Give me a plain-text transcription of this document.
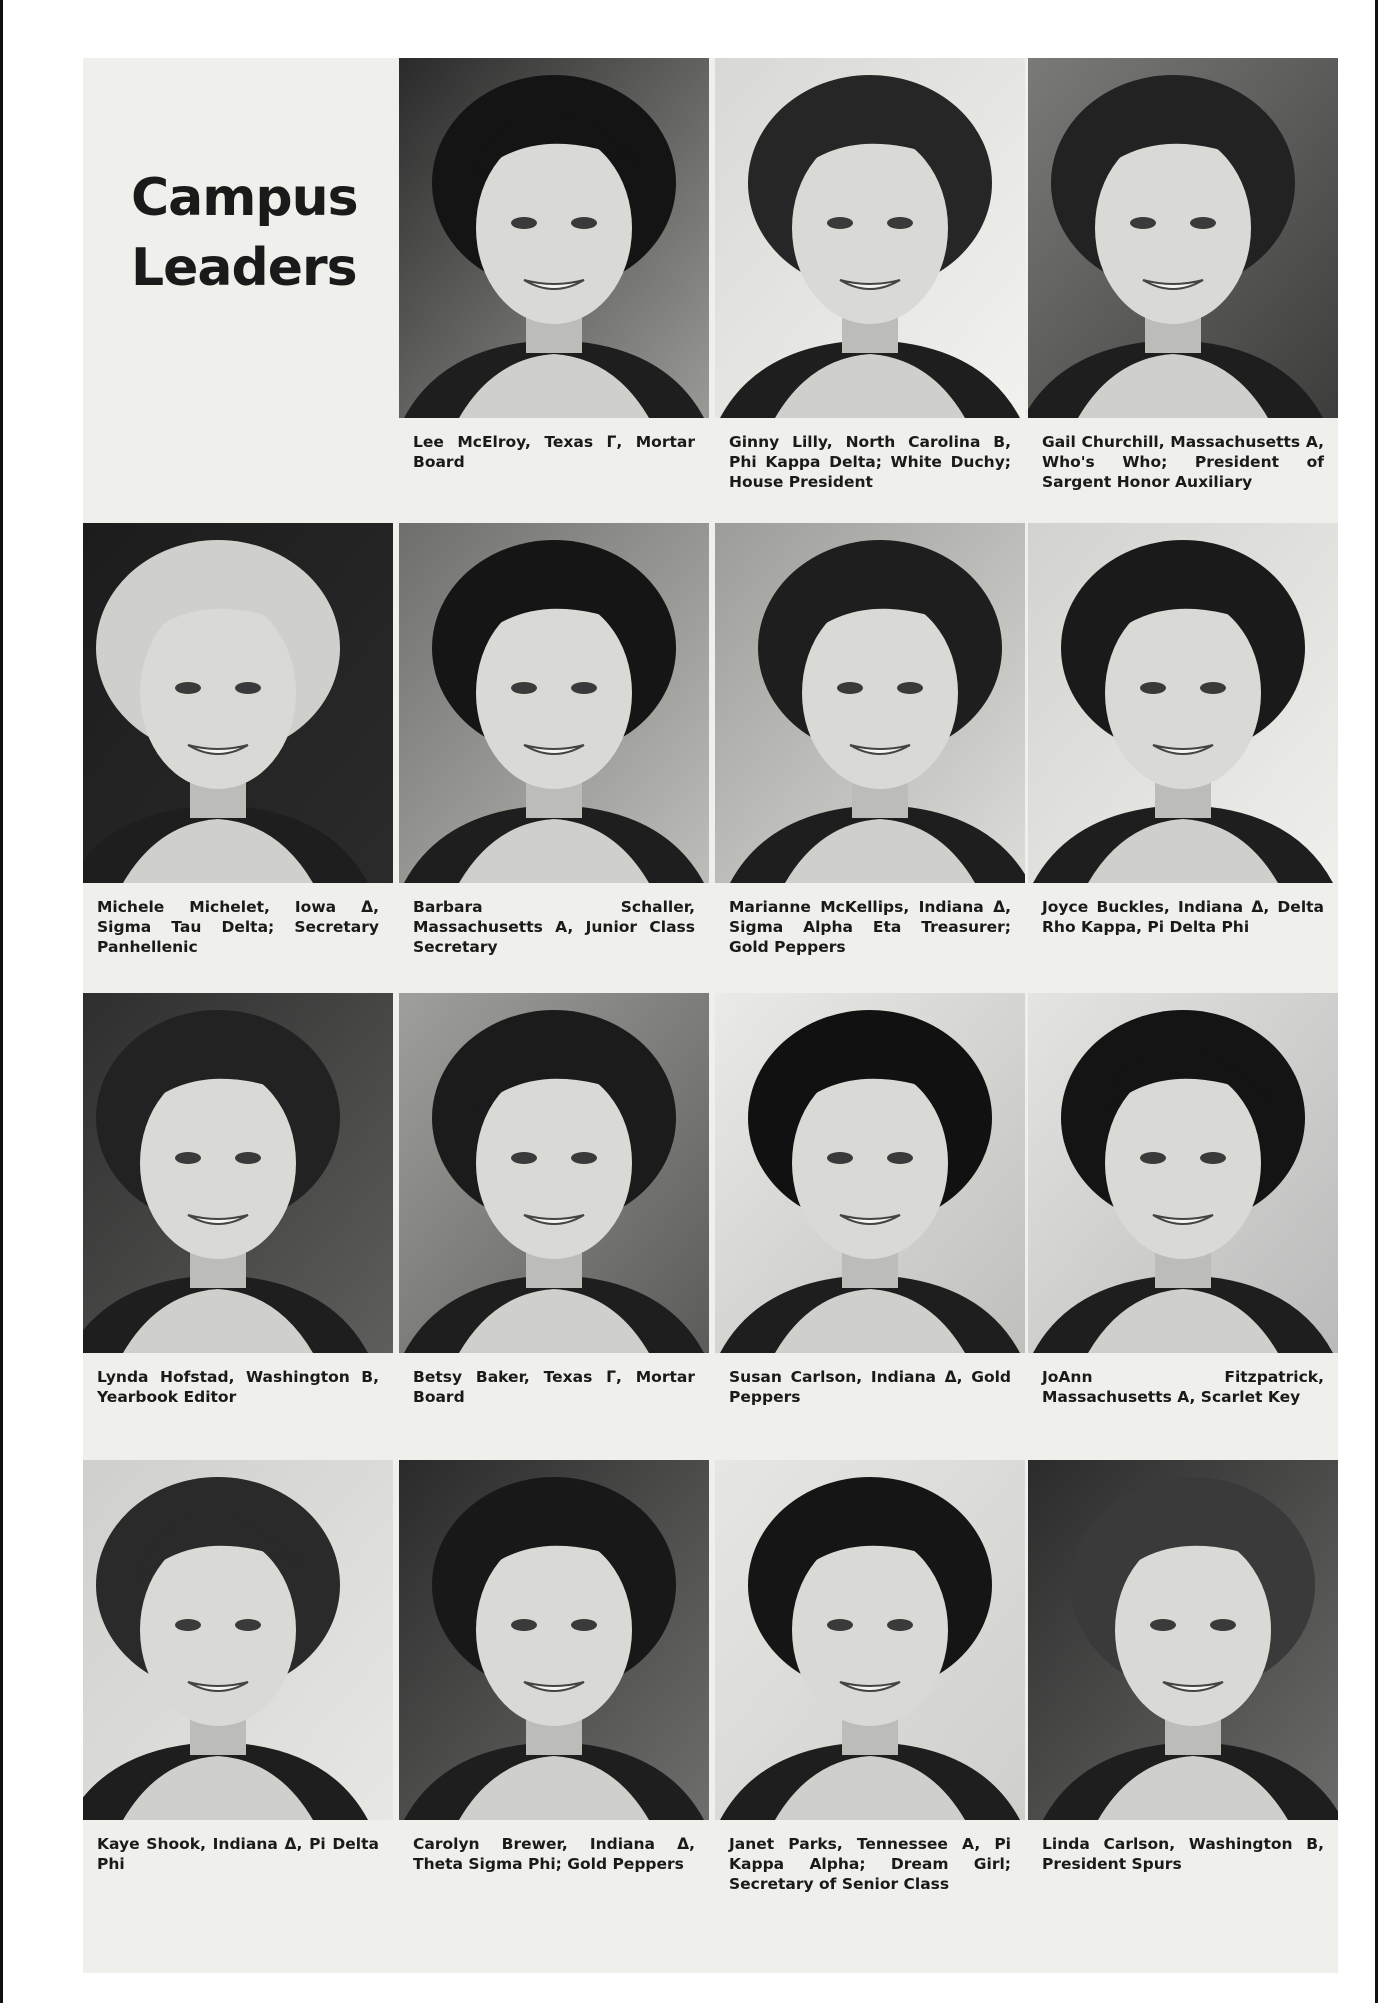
Campus
Leaders
Lee McElroy, Texas Γ, Mortar Board
Ginny Lilly, North Carolina B, Phi Kappa Delta; White Duchy; House President
Gail Churchill, Massachusetts A, Who's Who; President of Sargent Honor Auxiliary
Michele Michelet, Iowa Δ, Sigma Tau Delta; Secretary Panhellenic
Barbara Schaller, Massachusetts A, Junior Class Secretary
Marianne McKellips, Indiana Δ, Sigma Alpha Eta Treasurer; Gold Peppers
Joyce Buckles, Indiana Δ, Delta Rho Kappa, Pi Delta Phi
Lynda Hofstad, Washington B, Yearbook Editor
Betsy Baker, Texas Γ, Mortar Board
Susan Carlson, Indiana Δ, Gold Peppers
JoAnn Fitzpatrick, Massachusetts A, Scarlet Key
Kaye Shook, Indiana Δ, Pi Delta Phi
Carolyn Brewer, Indiana Δ, Theta Sigma Phi; Gold Peppers
Janet Parks, Tennessee A, Pi Kappa Alpha; Dream Girl; Secretary of Senior Class
Linda Carlson, Washington B, President Spurs
